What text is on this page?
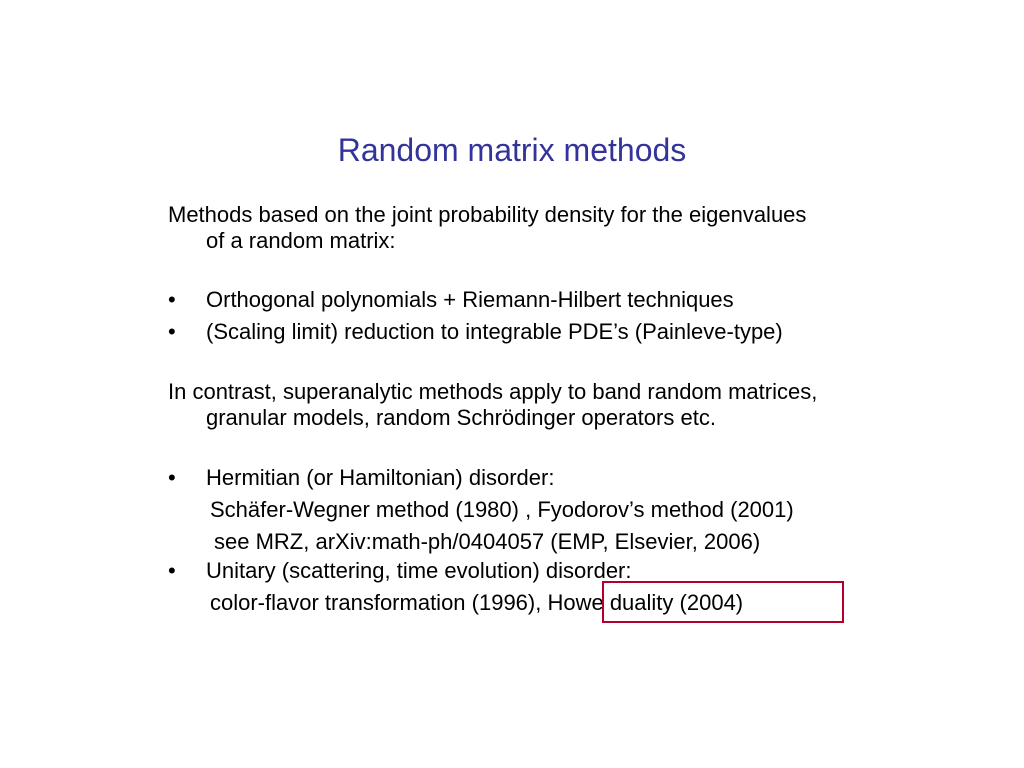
Random matrix methods
Methods based on the joint probability density for the eigenvalues
of a random matrix:
• Orthogonal polynomials + Riemann-Hilbert techniques
• (Scaling limit) reduction to integrable PDE’s (Painleve-type)
In contrast, superanalytic methods apply to band random matrices,
granular models, random Schrödinger operators etc.
• Hermitian (or Hamiltonian) disorder:
Schäfer-Wegner method (1980) , Fyodorov’s method (2001)
see MRZ, arXiv:math-ph/0404057 (EMP, Elsevier, 2006)
• Unitary (scattering, time evolution) disorder:
color-flavor transformation (1996), Howe duality (2004)
